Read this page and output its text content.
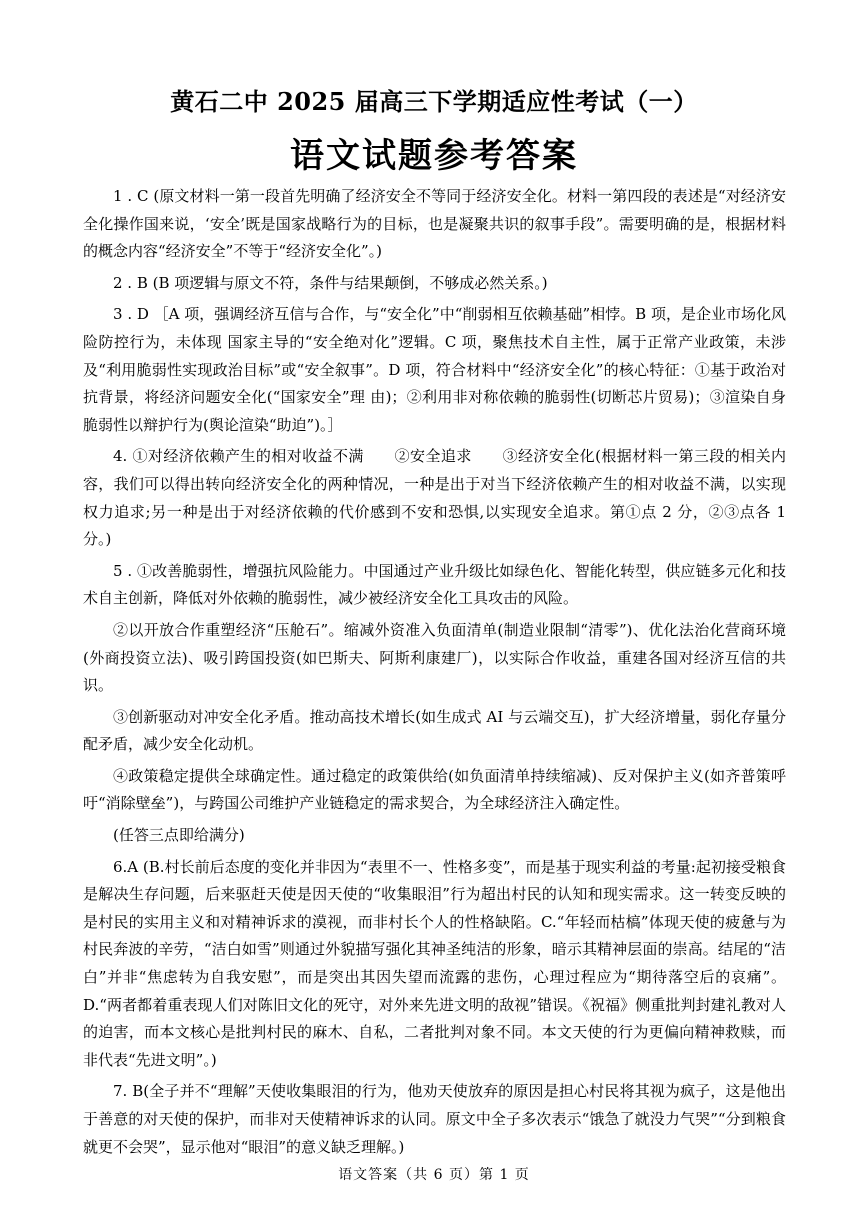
黄石二中 2025 届高三下学期适应性考试（一）
语文试题参考答案

1 . C (原文材料一第一段首先明确了经济安全不等同于经济安全化。材料一第四段的表述是“对经济安全化操作国来说，‘安全’既是国家战略行为的目标，也是凝聚共识的叙事手段”。需要明确的是，根据材料的概念内容“经济安全”不等于“经济安全化”。)

2 . B (B 项逻辑与原文不符，条件与结果颠倒，不够成必然关系。)

3 . D ［A 项，强调经济互信与合作，与“安全化”中“削弱相互依赖基础”相悖。B 项，是企业市场化风险防控行为，未体现 国家主导的“安全绝对化”逻辑。C 项，聚焦技术自主性，属于正常产业政策，未涉及“利用脆弱性实现政治目标”或“安全叙事”。D 项，符合材料中“经济安全化”的核心特征：①基于政治对抗背景，将经济问题安全化(“国家安全”理 由)；②利用非对称依赖的脆弱性(切断芯片贸易)；③渲染自身脆弱性以辩护行为(舆论渲染“助迫”)。］

4. ①对经济依赖产生的相对收益不满　　②安全追求　　③经济安全化(根据材料一第三段的相关内容，我们可以得出转向经济安全化的两种情况，一种是出于对当下经济依赖产生的相对收益不满，以实现权力追求;另一种是出于对经济依赖的代价感到不安和恐惧,以实现安全追求。第①点 2 分，②③点各 1 分。)

5 . ①改善脆弱性，增强抗风险能力。中国通过产业升级比如绿色化、智能化转型，供应链多元化和技术自主创新，降低对外依赖的脆弱性，减少被经济安全化工具攻击的风险。

②以开放合作重塑经济“压舱石”。缩减外资准入负面清单(制造业限制“清零”)、优化法治化营商环境(外商投资立法)、吸引跨国投资(如巴斯夫、阿斯利康建厂)，以实际合作收益，重建各国对经济互信的共识。

③创新驱动对冲安全化矛盾。推动高技术增长(如生成式 AI 与云端交互)，扩大经济增量，弱化存量分配矛盾，减少安全化动机。

④政策稳定提供全球确定性。通过稳定的政策供给(如负面清单持续缩减)、反对保护主义(如齐普策呼吁“消除壁垒”)，与跨国公司维护产业链稳定的需求契合，为全球经济注入确定性。

(任答三点即给满分)

6.A (B.村长前后态度的变化并非因为“表里不一、性格多变”，而是基于现实利益的考量:起初接受粮食是解决生存问题，后来驱赶天使是因天使的“收集眼泪”行为超出村民的认知和现实需求。这一转变反映的是村民的实用主义和对精神诉求的漠视，而非村长个人的性格缺陷。C.“年轻而枯槁”体现天使的疲惫与为村民奔波的辛劳，“洁白如雪”则通过外貌描写强化其神圣纯洁的形象，暗示其精神层面的崇高。结尾的“洁白”并非“焦虑转为自我安慰”，而是突出其因失望而流露的悲伤，心理过程应为“期待落空后的哀痛”。D.“两者都着重表现人们对陈旧文化的死守，对外来先进文明的敌视”错误。《祝福》侧重批判封建礼教对人的迫害，而本文核心是批判村民的麻木、自私，二者批判对象不同。本文天使的行为更偏向精神救赎，而非代表“先进文明”。)

7. B(全子并不“理解”天使收集眼泪的行为，他劝天使放弃的原因是担心村民将其视为疯子，这是他出于善意的对天使的保护，而非对天使精神诉求的认同。原文中全子多次表示“饿急了就没力气哭”“分到粮食就更不会哭”，显示他对“眼泪”的意义缺乏理解。)

语文答案（共 6 页）第 1 页
